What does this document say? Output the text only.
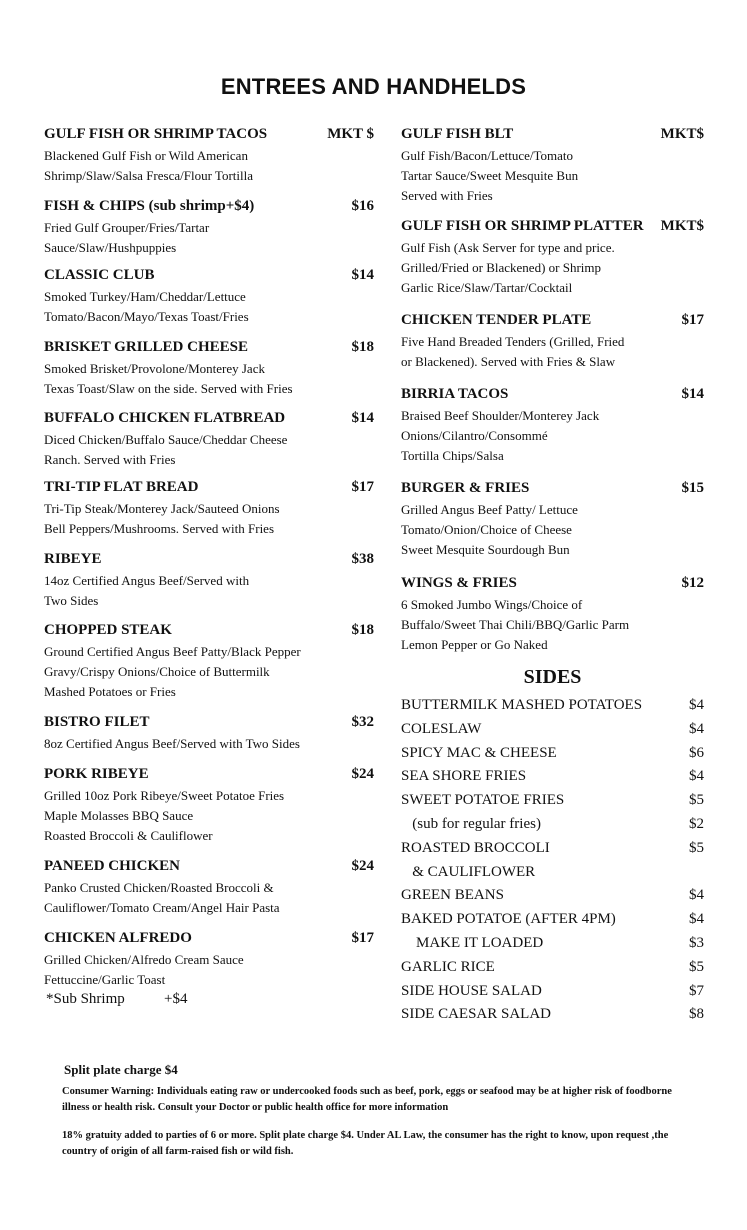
ENTREES AND HANDHELDS
GULF FISH OR SHRIMP TACOS	MKT $
Blackened Gulf Fish or Wild American
Shrimp/Slaw/Salsa Fresca/Flour Tortilla
FISH & CHIPS (sub shrimp+$4)	$16
Fried Gulf Grouper/Fries/Tartar
Sauce/Slaw/Hushpuppies
CLASSIC CLUB	$14
Smoked Turkey/Ham/Cheddar/Lettuce
Tomato/Bacon/Mayo/Texas Toast/Fries
BRISKET GRILLED CHEESE	$18
Smoked Brisket/Provolone/Monterey Jack
Texas Toast/Slaw on the side. Served with Fries
BUFFALO CHICKEN FLATBREAD	$14
Diced Chicken/Buffalo Sauce/Cheddar Cheese
Ranch. Served with Fries
TRI-TIP FLAT BREAD	$17
Tri-Tip Steak/Monterey Jack/Sauteed Onions
Bell Peppers/Mushrooms. Served with Fries
RIBEYE	$38
14oz Certified Angus Beef/Served with
Two Sides
CHOPPED STEAK	$18
Ground Certified Angus Beef Patty/Black Pepper
Gravy/Crispy Onions/Choice of Buttermilk
Mashed Potatoes or Fries
BISTRO FILET	$32
8oz Certified Angus Beef/Served with Two Sides
PORK RIBEYE	$24
Grilled 10oz Pork Ribeye/Sweet Potatoe Fries
Maple Molasses BBQ Sauce
Roasted Broccoli & Cauliflower
PANEED CHICKEN	$24
Panko Crusted Chicken/Roasted Broccoli &
Cauliflower/Tomato Cream/Angel Hair Pasta
CHICKEN ALFREDO	$17
Grilled Chicken/Alfredo Cream Sauce
Fettuccine/Garlic Toast
*Sub Shrimp	+$4
GULF FISH BLT	MKT$
Gulf Fish/Bacon/Lettuce/Tomato
Tartar Sauce/Sweet Mesquite Bun
Served with Fries
GULF FISH OR SHRIMP PLATTER MKT$
Gulf Fish (Ask Server for type and price.
Grilled/Fried or Blackened) or Shrimp
Garlic Rice/Slaw/Tartar/Cocktail
CHICKEN TENDER PLATE	$17
Five Hand Breaded Tenders (Grilled, Fried
or Blackened). Served with Fries & Slaw
BIRRIA TACOS	$14
Braised Beef Shoulder/Monterey Jack
Onions/Cilantro/Consommé
Tortilla Chips/Salsa
BURGER & FRIES	$15
Grilled Angus Beef Patty/ Lettuce
Tomato/Onion/Choice of Cheese
Sweet Mesquite Sourdough Bun
WINGS & FRIES	$12
6 Smoked Jumbo Wings/Choice of
Buffalo/Sweet Thai Chili/BBQ/Garlic Parm
Lemon Pepper or Go Naked
SIDES
BUTTERMILK MASHED POTATOES	$4
COLESLAW	$4
SPICY MAC & CHEESE	$6
SEA SHORE FRIES	$4
SWEET POTATOE FRIES	$5
(sub for regular fries)	$2
ROASTED BROCCOLI	$5
& CAULIFLOWER
GREEN BEANS	$4
BAKED POTATOE (AFTER 4PM)	$4
MAKE IT LOADED	$3
GARLIC RICE	$5
SIDE HOUSE SALAD	$7
SIDE CAESAR SALAD	$8
Split plate charge $4
Consumer Warning: Individuals eating raw or undercooked foods such as beef, pork, eggs or seafood may be at higher risk of foodborne illness or health risk. Consult your Doctor or public health office for more information
18% gratuity added to parties of 6 or more. Split plate charge $4. Under AL Law, the consumer has the right to know, upon request ,the country of origin of all farm-raised fish or wild fish.
